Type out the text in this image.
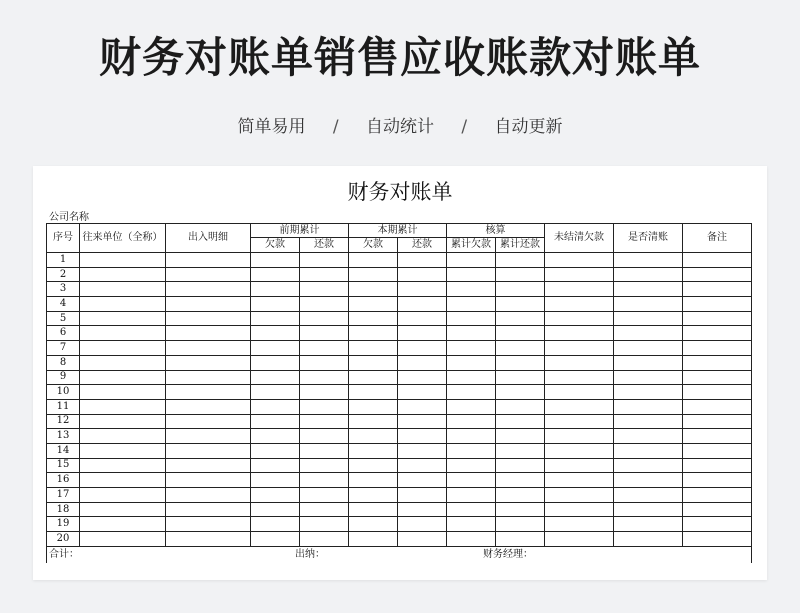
财务对账单销售应收账款对账单
简单易用 / 自动统计 / 自动更新
财务对账单
公司名称
序号	往来单位（全称）	出入明细	前期累计		本期累计		核算		未结清欠款	是否清账	备注
			欠款	还款	欠款	还款	累计欠款	累计还款			
1											
2											
3											
4											
5											
6											
7											
8											
9											
10											
11											
12											
13											
14											
15											
16											
17											
18											
19											
20											

合计： 出纳： 财务经理：											
